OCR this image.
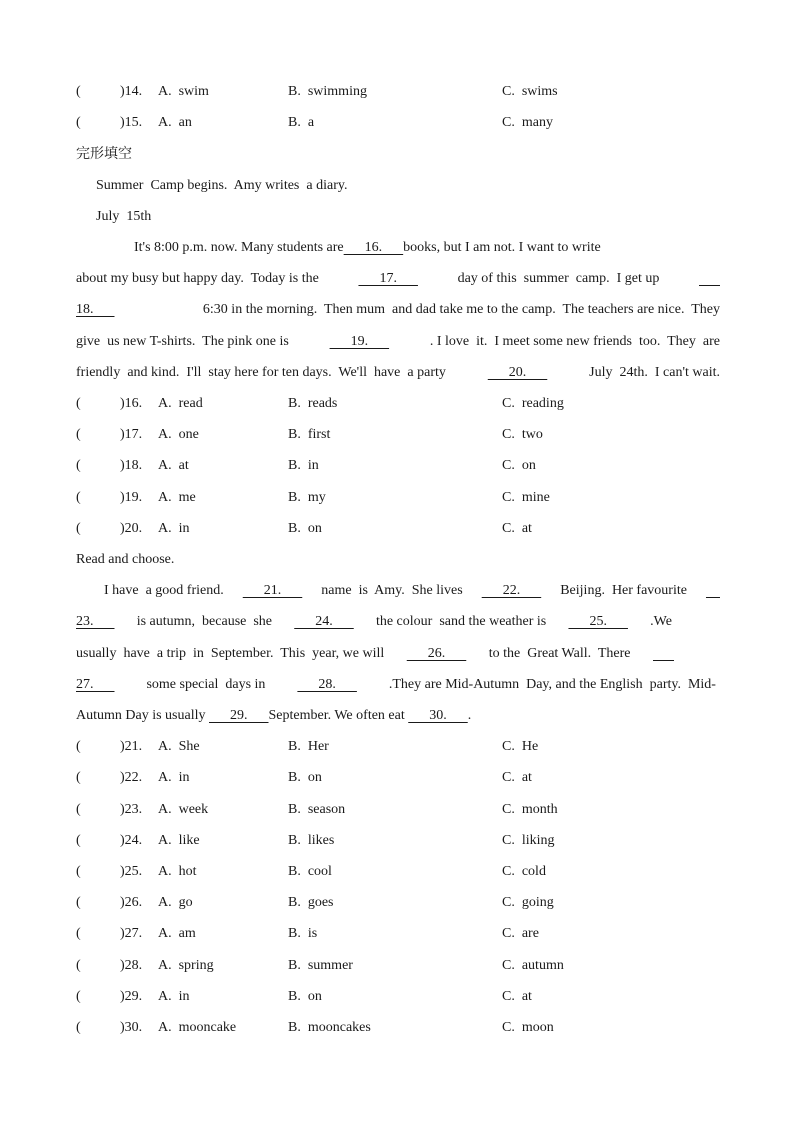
(	)14. A.  swim	B.  swimming	C.  swims
(	)15. A.  an	B.  a	C.  many
完形填空
Summer  Camp begins.  Amy writes  a diary.
July  15th
It's 8:00 p.m. now. Many students are      16.      books, but I am not. I want to write
about my busy but happy day.  Today is the	17.	day of this  summer  camp.  I get up

18.	6:30 in the morning.  Then mum  and dad take me to the camp.  The teachers are nice.  They
give  us new T-shirts.  The pink one is	19.	. I love  it.  I meet some new friends  too.  They  are
friendly  and kind.  I'll  stay here for ten days.  We'll  have  a party	20.	July  24th.  I can't wait.
(	)16. A.  read	B.  reads	C.  reading
(	)17. A.  one	B.  first	C.  two
(	)18. A.  at	B.  in	C.  on
(	)19. A.  me	B.  my	C.  mine
(	)20. A.  in	B.  on	C.  at
Read and choose.
I have  a good friend. 21. name  is  Amy.  She lives 22. Beijing.  Her favourite

23. is autumn,  because  she 24. the colour  sand the weather is 25. .We
usually  have  a trip  in  September.  This  year, we will 26. to the  Great Wall.  There

27. some special  days in 28. .They are Mid-Autumn  Day, and the English  party.  Mid-
Autumn Day is usually       29.      September. We often eat       30.      .
(	)21. A.  She	B.  Her	C.  He
(	)22. A.  in	B.  on	C.  at
(	)23. A.  week	B.  season	C.  month
(	)24. A.  like	B.  likes	C.  liking
(	)25. A.  hot	B.  cool	C.  cold
(	)26. A.  go	B.  goes	C.  going
(	)27. A.  am	B.  is	C.  are
(	)28. A.  spring	B.  summer	C.  autumn
(	)29. A.  in	B.  on	C.  at
(	)30. A.  mooncake	B.  mooncakes	C.  moon
